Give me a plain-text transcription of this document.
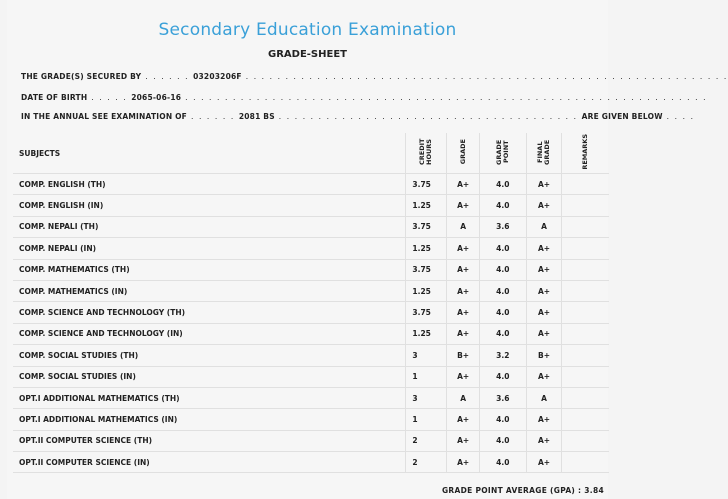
Secondary Education Examination
GRADE-SHEET
THE GRADE(S) SECURED BY . . . . . . 03203206F . . . . . . . . . . . . . . . . . . . . . . . . . . . . . . . . . . . . . . . . . . . . . . . . . . . . . . . . . . . . .
DATE OF BIRTH . . . . . 2065-06-16 . . . . . . . . . . . . . . . . . . . . . . . . . . . . . . . . . . . . . . . . . . . . . . . . . . . . . . . . . . . . . . . . . .
IN THE ANNUAL SEE EXAMINATION OF . . . . . . 2081 BS . . . . . . . . . . . . . . . . . . . . . . . . . . . . . . . . . . . . . . ARE GIVEN BELOW . . . .
SUBJECTS	CREDIT HOURS	GRADE	GRADE POINT	FINAL GRADE	REMARKS
COMP. ENGLISH (TH)	3.75	A+	4.0	A+	
COMP. ENGLISH (IN)	1.25	A+	4.0	A+	
COMP. NEPALI (TH)	3.75	A	3.6	A	
COMP. NEPALI (IN)	1.25	A+	4.0	A+	
COMP. MATHEMATICS (TH)	3.75	A+	4.0	A+	
COMP. MATHEMATICS (IN)	1.25	A+	4.0	A+	
COMP. SCIENCE AND TECHNOLOGY (TH)	3.75	A+	4.0	A+	
COMP. SCIENCE AND TECHNOLOGY (IN)	1.25	A+	4.0	A+	
COMP. SOCIAL STUDIES (TH)	3	B+	3.2	B+	
COMP. SOCIAL STUDIES (IN)	1	A+	4.0	A+	
OPT.I ADDITIONAL MATHEMATICS (TH)	3	A	3.6	A	
OPT.I ADDITIONAL MATHEMATICS (IN)	1	A+	4.0	A+	
OPT.II COMPUTER SCIENCE (TH)	2	A+	4.0	A+	
OPT.II COMPUTER SCIENCE (IN)	2	A+	4.0	A+	
GRADE POINT AVERAGE (GPA) : 3.84
